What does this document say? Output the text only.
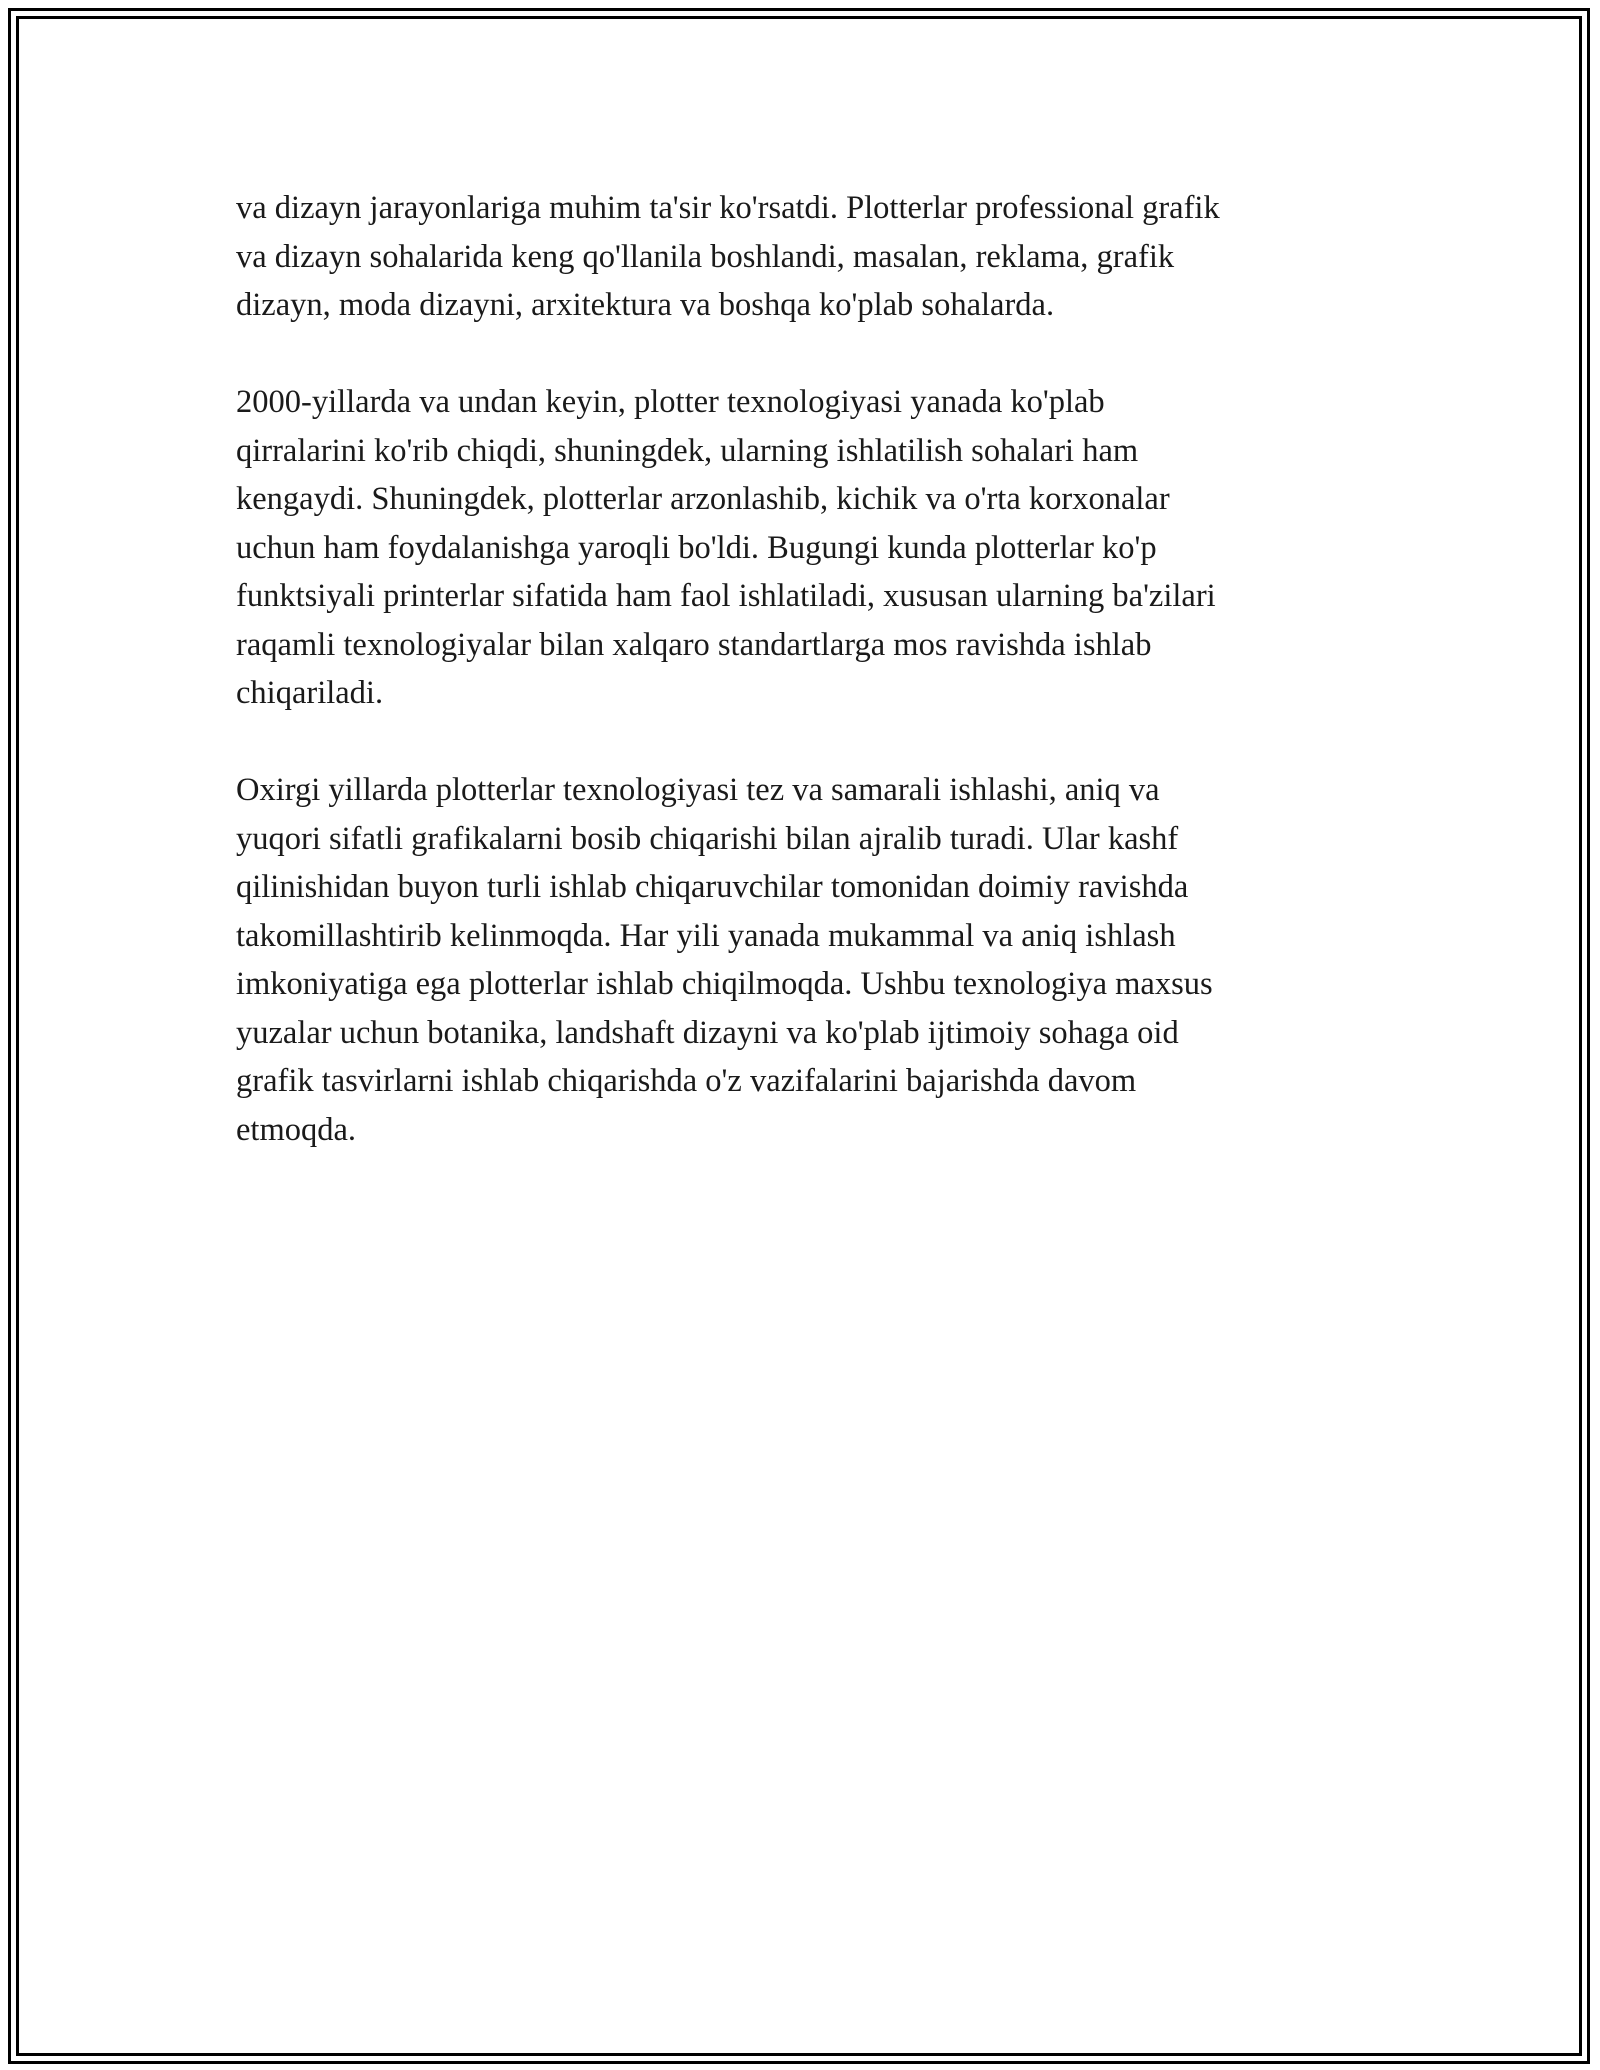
va dizayn jarayonlariga muhim ta'sir ko'rsatdi. Plotterlar professional grafik
va dizayn sohalarida keng qo'llanila boshlandi, masalan, reklama, grafik
dizayn, moda dizayni, arxitektura va boshqa ko'plab sohalarda.

2000-yillarda va undan keyin, plotter texnologiyasi yanada ko'plab
qirralarini ko'rib chiqdi, shuningdek, ularning ishlatilish sohalari ham
kengaydi. Shuningdek, plotterlar arzonlashib, kichik va o'rta korxonalar
uchun ham foydalanishga yaroqli bo'ldi. Bugungi kunda plotterlar ko'p
funktsiyali printerlar sifatida ham faol ishlatiladi, xususan ularning ba'zilari
raqamli texnologiyalar bilan xalqaro standartlarga mos ravishda ishlab
chiqariladi.

Oxirgi yillarda plotterlar texnologiyasi tez va samarali ishlashi, aniq va
yuqori sifatli grafikalarni bosib chiqarishi bilan ajralib turadi. Ular kashf
qilinishidan buyon turli ishlab chiqaruvchilar tomonidan doimiy ravishda
takomillashtirib kelinmoqda. Har yili yanada mukammal va aniq ishlash
imkoniyatiga ega plotterlar ishlab chiqilmoqda. Ushbu texnologiya maxsus
yuzalar uchun botanika, landshaft dizayni va ko'plab ijtimoiy sohaga oid
grafik tasvirlarni ishlab chiqarishda o'z vazifalarini bajarishda davom
etmoqda.
